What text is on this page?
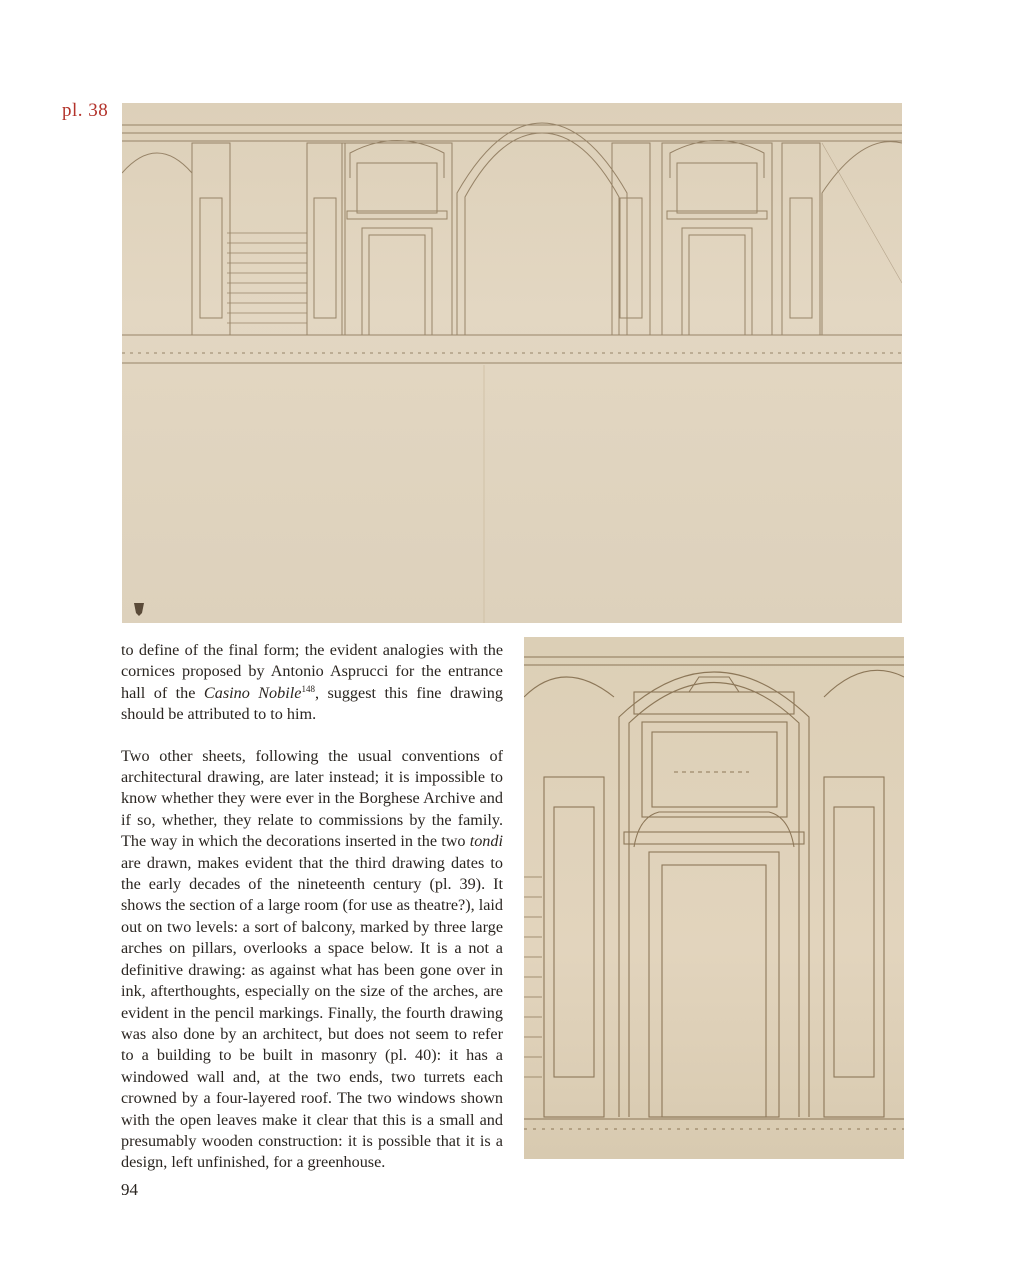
pl. 38

to define of the final form; the evident analogies with the cornices proposed by Antonio Asprucci for the entrance hall of the Casino Nobile$^{148}$, suggest this fine drawing should be attributed to to him.

Two other sheets, following the usual conventions of architectural drawing, are later instead; it is impossible to know whether they were ever in the Borghese Archive and if so, whether, they relate to commissions by the family. The way in which the decorations inserted in the two tondi are drawn, makes evident that the third drawing dates to the early decades of the nineteenth century (pl. 39). It shows the section of a large room (for use as theatre?), laid out on two levels: a sort of balcony, marked by three large arches on pillars, overlooks a space below. It is a not a definitive drawing: as against what has been gone over in ink, afterthoughts, especially on the size of the arches, are evident in the pencil markings. Finally, the fourth drawing was also done by an architect, but does not seem to refer to a building to be built in masonry (pl. 40): it has a windowed wall and, at the two ends, two turrets each crowned by a four-layered roof. The two windows shown with the open leaves make it clear that this is a small and presumably wooden construction: it is possible that it is a design, left unfinished, for a greenhouse.

94
